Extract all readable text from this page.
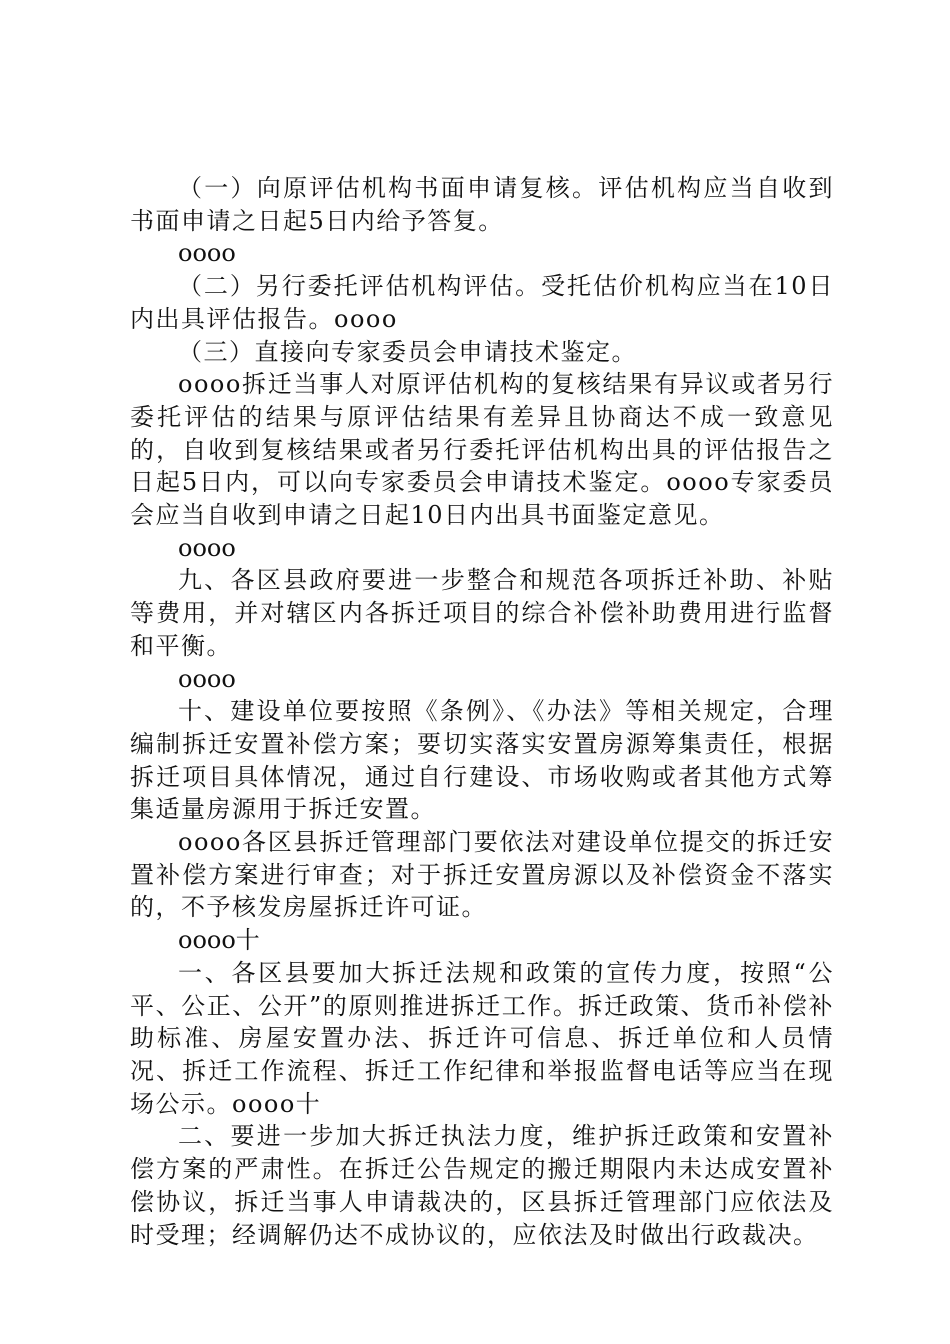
（一）向原评估机构书面申请复核。评估机构应当自收到书面申请之日起5日内给予答复。

oooo

（二）另行委托评估机构评估。受托估价机构应当在10日内出具评估报告。oooo

（三）直接向专家委员会申请技术鉴定。

oooo拆迁当事人对原评估机构的复核结果有异议或者另行委托评估的结果与原评估结果有差异且协商达不成一致意见的，自收到复核结果或者另行委托评估机构出具的评估报告之日起5日内，可以向专家委员会申请技术鉴定。oooo专家委员会应当自收到申请之日起10日内出具书面鉴定意见。

oooo

九、各区县政府要进一步整合和规范各项拆迁补助、补贴等费用，并对辖区内各拆迁项目的综合补偿补助费用进行监督和平衡。

oooo

十、建设单位要按照《条例》、《办法》等相关规定，合理编制拆迁安置补偿方案；要切实落实安置房源筹集责任，根据拆迁项目具体情况，通过自行建设、市场收购或者其他方式筹集适量房源用于拆迁安置。

oooo各区县拆迁管理部门要依法对建设单位提交的拆迁安置补偿方案进行审查；对于拆迁安置房源以及补偿资金不落实的，不予核发房屋拆迁许可证。

oooo十

一、各区县要加大拆迁法规和政策的宣传力度，按照“公平、公正、公开”的原则推进拆迁工作。拆迁政策、货币补偿补助标准、房屋安置办法、拆迁许可信息、拆迁单位和人员情况、拆迁工作流程、拆迁工作纪律和举报监督电话等应当在现场公示。oooo十

二、要进一步加大拆迁执法力度，维护拆迁政策和安置补偿方案的严肃性。在拆迁公告规定的搬迁期限内未达成安置补偿协议，拆迁当事人申请裁决的，区县拆迁管理部门应依法及时受理；经调解仍达不成协议的，应依法及时做出行政裁决。
